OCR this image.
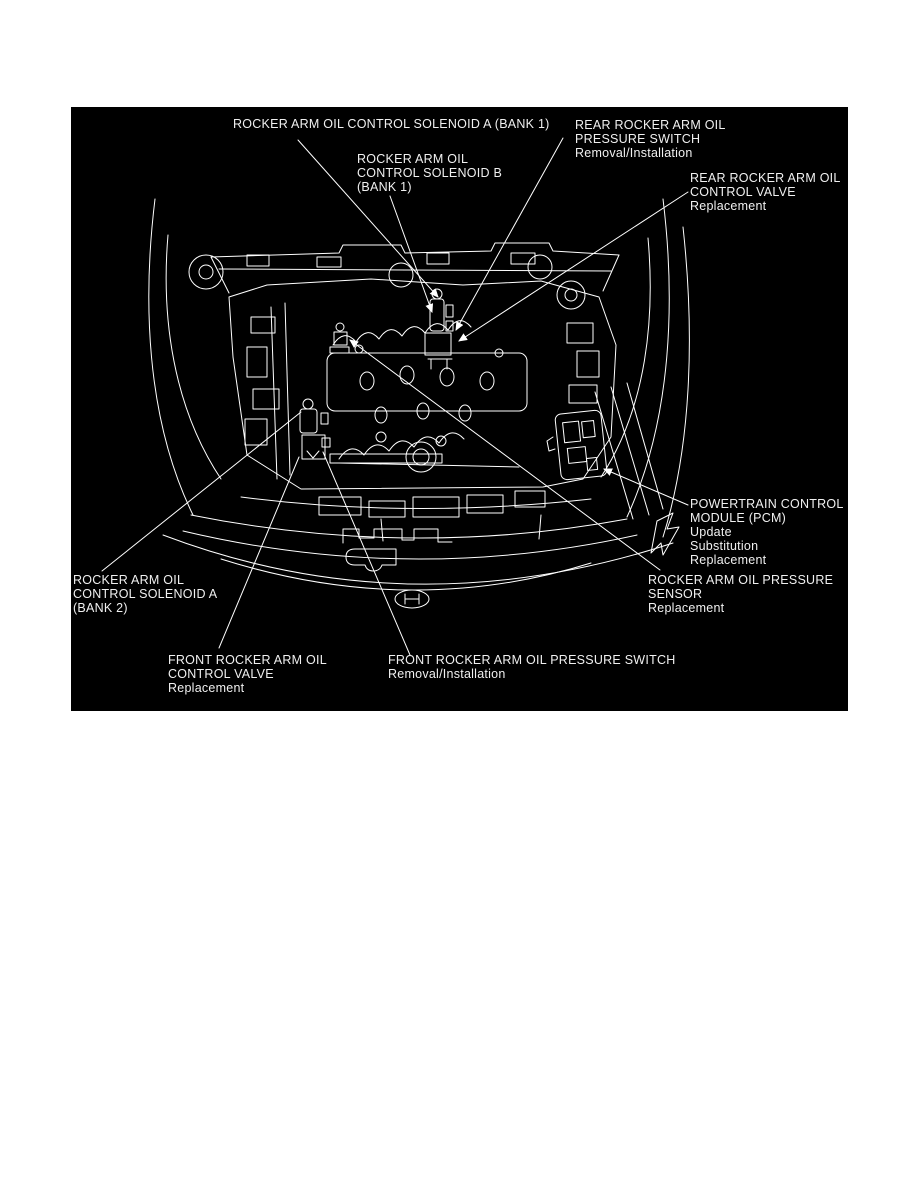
ROCKER ARM OIL CONTROL SOLENOID A (BANK 1)
ROCKER ARM OIL
CONTROL SOLENOID B
(BANK 1)
REAR ROCKER ARM OIL
PRESSURE SWITCH
Removal/Installation
REAR ROCKER ARM OIL
CONTROL VALVE
Replacement
POWERTRAIN CONTROL
MODULE (PCM)
Update
Substitution
Replacement
ROCKER ARM OIL PRESSURE
SENSOR
Replacement
ROCKER ARM OIL
CONTROL SOLENOID A
(BANK 2)
FRONT ROCKER ARM OIL
CONTROL VALVE
Replacement
FRONT ROCKER ARM OIL PRESSURE SWITCH
Removal/Installation
